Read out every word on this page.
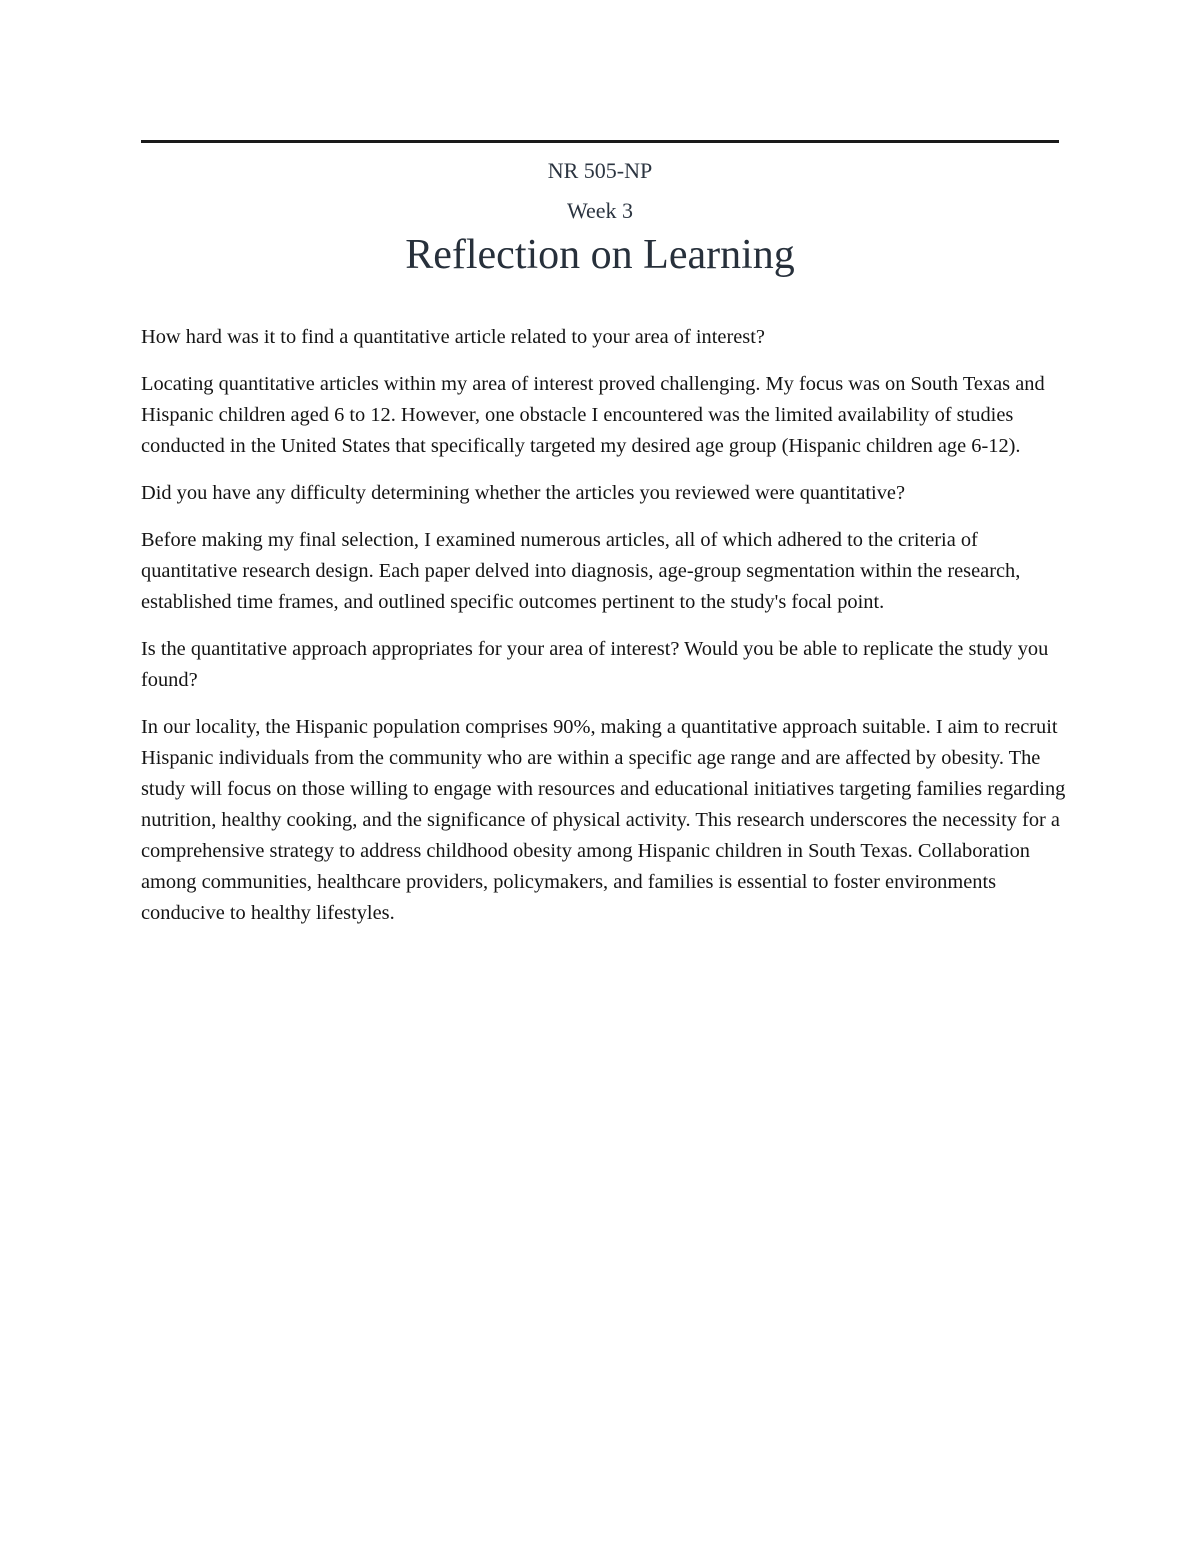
NR 505-NP
Week 3
Reflection on Learning

How hard was it to find a quantitative article related to your area of interest?

Locating quantitative articles within my area of interest proved challenging. My focus was on South Texas and Hispanic children aged 6 to 12. However, one obstacle I encountered was the limited availability of studies conducted in the United States that specifically targeted my desired age group (Hispanic children age 6-12).

Did you have any difficulty determining whether the articles you reviewed were quantitative?

Before making my final selection, I examined numerous articles, all of which adhered to the criteria of quantitative research design. Each paper delved into diagnosis, age-group segmentation within the research, established time frames, and outlined specific outcomes pertinent to the study's focal point.

Is the quantitative approach appropriates for your area of interest? Would you be able to replicate the study you found?

In our locality, the Hispanic population comprises 90%, making a quantitative approach suitable. I aim to recruit Hispanic individuals from the community who are within a specific age range and are affected by obesity. The study will focus on those willing to engage with resources and educational initiatives targeting families regarding nutrition, healthy cooking, and the significance of physical activity. This research underscores the necessity for a comprehensive strategy to address childhood obesity among Hispanic children in South Texas. Collaboration among communities, healthcare providers, policymakers, and families is essential to foster environments conducive to healthy lifestyles.
